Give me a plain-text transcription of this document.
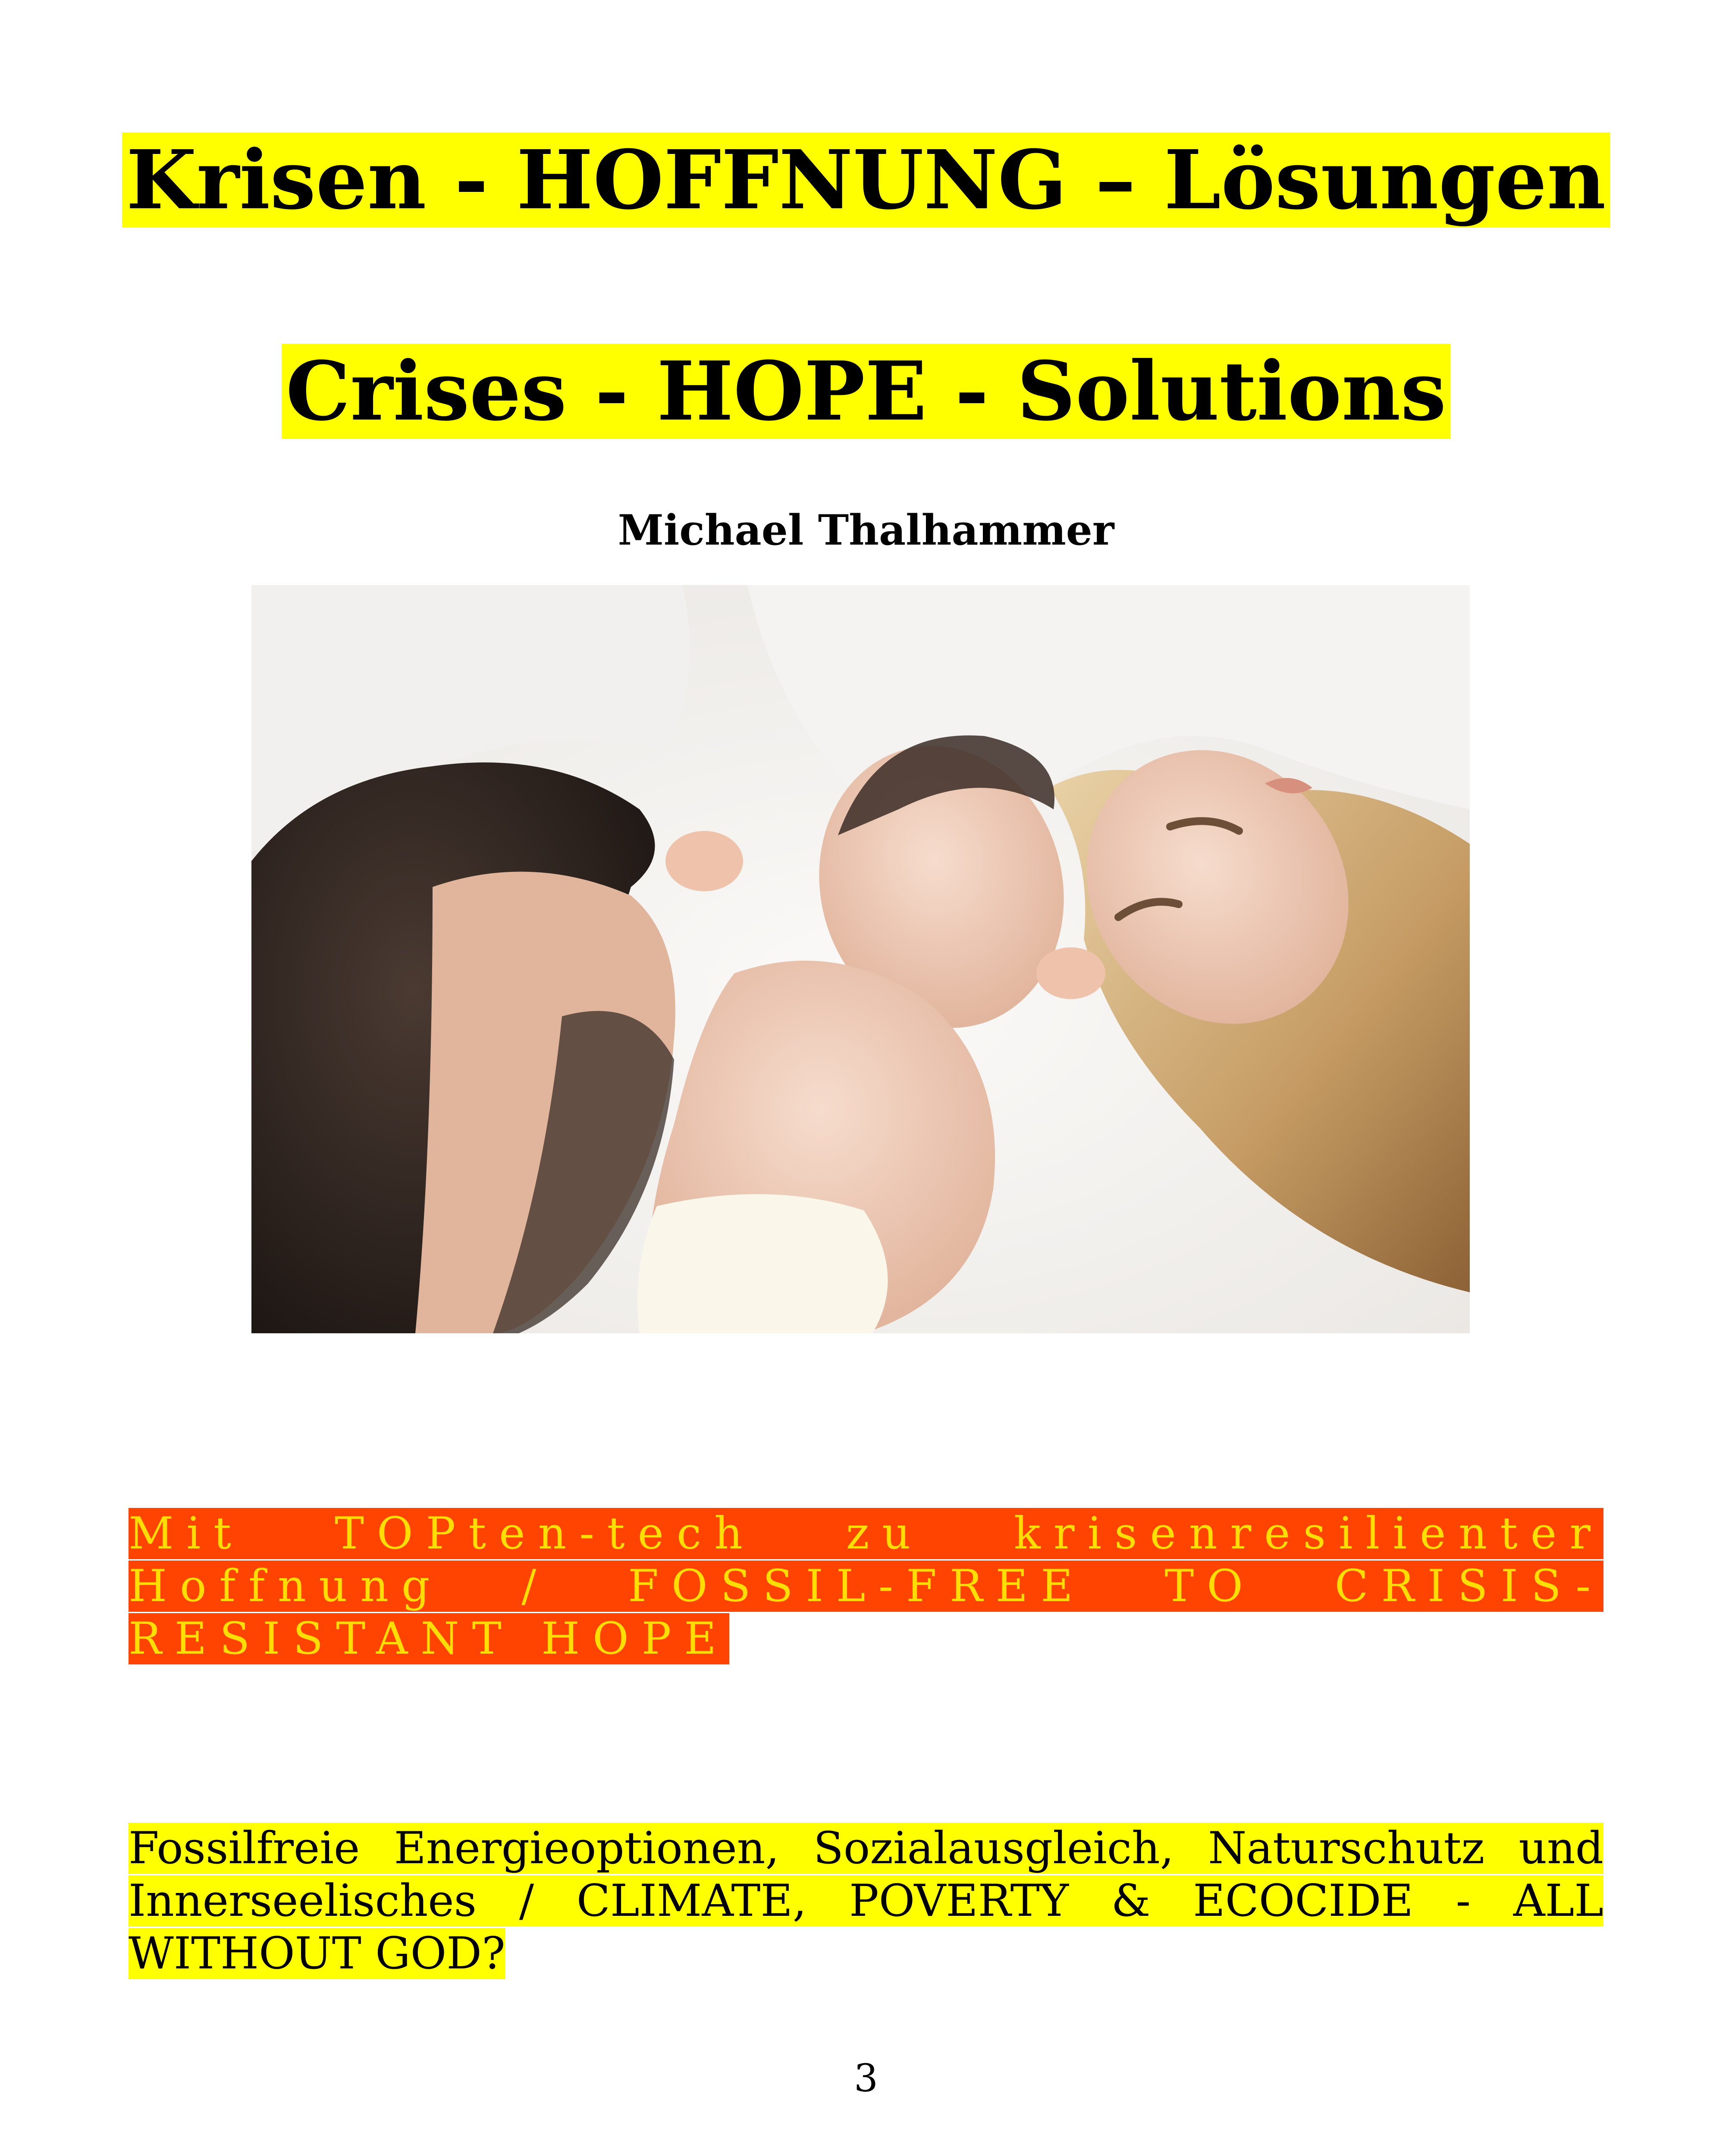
Krisen - HOFFNUNG – Lösungen
Crises - HOPE - Solutions
Michael Thalhammer
Mit TOPten-tech zu krisenresilienter Hoffnung / FOSSIL-FREE TO CRISIS-RESISTANT HOPE
Fossilfreie Energieoptionen, Sozialausgleich, Naturschutz und Innerseelisches / CLIMATE, POVERTY & ECOCIDE - ALL WITHOUT GOD?
3
